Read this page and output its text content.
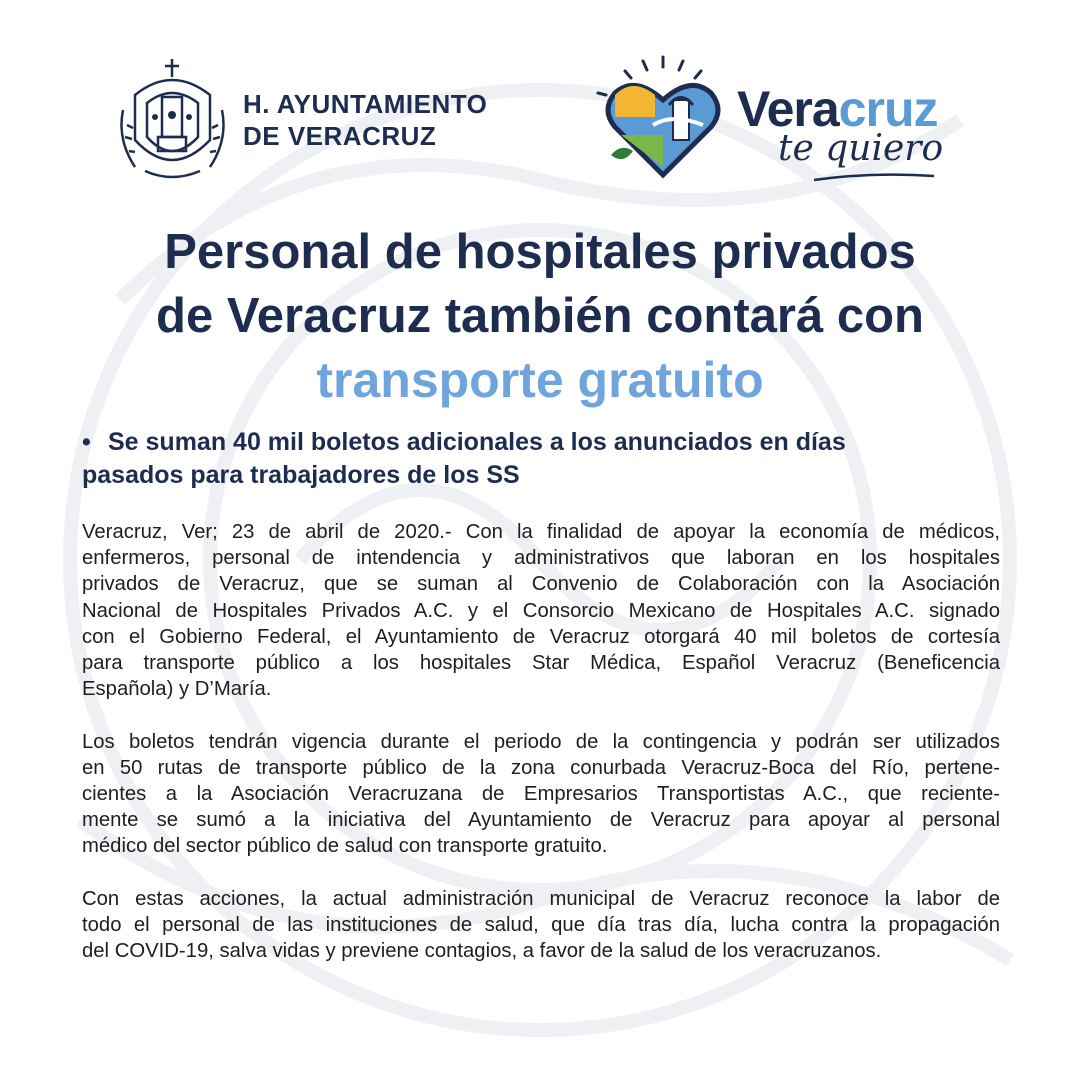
H. AYUNTAMIENTO
DE VERACRUZ	Veracruz
te quiero
Personal de hospitales privados
de Veracruz también contará con
transporte gratuito
• Se suman 40 mil boletos adicionales a los anunciados en días
pasados para trabajadores de los SS

Veracruz, Ver; 23 de abril de 2020.- Con la finalidad de apoyar la economía de médicos,
enfermeros, personal de intendencia y administrativos que laboran en los hospitales
privados de Veracruz, que se suman al Convenio de Colaboración con la Asociación
Nacional de Hospitales Privados A.C. y el Consorcio Mexicano de Hospitales A.C. signado
con el Gobierno Federal, el Ayuntamiento de Veracruz otorgará 40 mil boletos de cortesía
para transporte público a los hospitales Star Médica, Español Veracruz (Beneficencia
Española) y D’María.

Los boletos tendrán vigencia durante el periodo de la contingencia y podrán ser utilizados
en 50 rutas de transporte público de la zona conurbada Veracruz-Boca del Río, pertene-
cientes a la Asociación Veracruzana de Empresarios Transportistas A.C., que reciente-
mente se sumó a la iniciativa del Ayuntamiento de Veracruz para apoyar al personal
médico del sector público de salud con transporte gratuito.

Con estas acciones, la actual administración municipal de Veracruz reconoce la labor de
todo el personal de las instituciones de salud, que día tras día, lucha contra la propagación
del COVID-19, salva vidas y previene contagios, a favor de la salud de los veracruzanos.
